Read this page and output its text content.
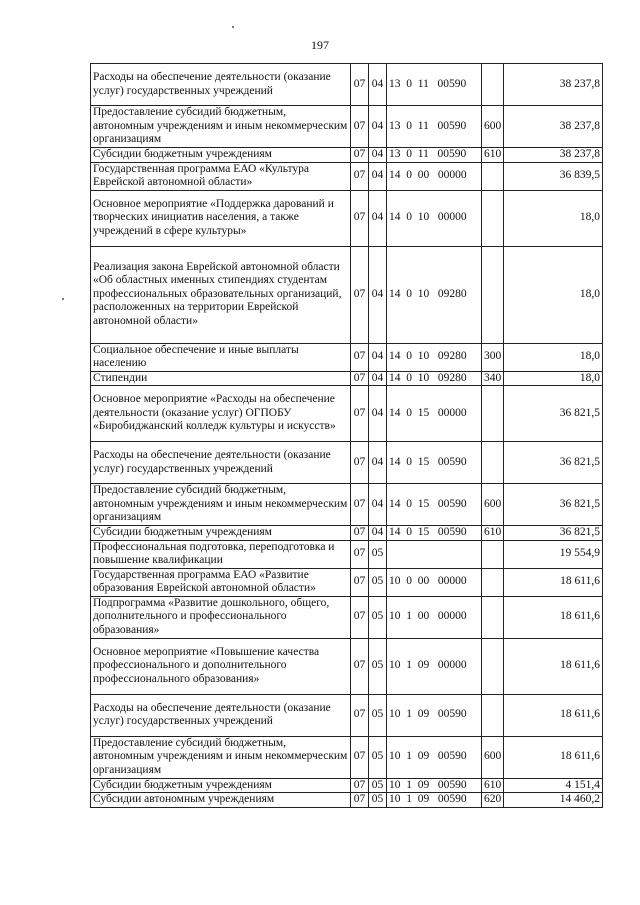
197
Расходы на обеспечение деятельности (оказание услуг) государственных учреждений	07	04	13  0  11   00590		38 237,8
Предоставление субсидий бюджетным, автономным учреждениям и иным некоммерческим организациям	07	04	13  0  11   00590	600	38 237,8
Субсидии бюджетным учреждениям	07	04	13  0  11   00590	610	38 237,8
Государственная программа ЕАО «Культура Еврейской автономной области»	07	04	14  0  00   00000		36 839,5
Основное мероприятие «Поддержка дарований и творческих инициатив населения, а также учреждений в сфере культуры»	07	04	14  0  10   00000		18,0
Реализация закона Еврейской автономной области «Об областных именных стипендиях студентам профессиональных образовательных организаций, расположенных на территории Еврейской автономной области»	07	04	14  0  10   09280		18,0
Социальное обеспечение и иные выплаты населению	07	04	14  0  10   09280	300	18,0
Стипендии	07	04	14  0  10   09280	340	18,0
Основное мероприятие «Расходы на обеспечение деятельности (оказание услуг) ОГПОБУ «Биробиджанский колледж культуры и искусств»	07	04	14  0  15   00000		36 821,5
Расходы на обеспечение деятельности (оказание услуг) государственных учреждений	07	04	14  0  15   00590		36 821,5
Предоставление субсидий бюджетным, автономным учреждениям и иным некоммерческим организациям	07	04	14  0  15   00590	600	36 821,5
Субсидии бюджетным учреждениям	07	04	14  0  15   00590	610	36 821,5
Профессиональная подготовка, переподготовка и повышение квалификации	07	05			19 554,9
Государственная программа ЕАО «Развитие образования Еврейской автономной области»	07	05	10  0  00   00000		18 611,6
Подпрограмма «Развитие дошкольного, общего, дополнительного и профессионального образования»	07	05	10  1  00   00000		18 611,6
Основное мероприятие «Повышение качества профессионального и дополнительного профессионального образования»	07	05	10  1  09   00000		18 611,6
Расходы на обеспечение деятельности (оказание услуг) государственных учреждений	07	05	10  1  09   00590		18 611,6
Предоставление субсидий бюджетным, автономным учреждениям и иным некоммерческим организациям	07	05	10  1  09   00590	600	18 611,6
Субсидии бюджетным учреждениям	07	05	10  1  09   00590	610	4 151,4
Субсидии автономным учреждениям	07	05	10  1  09   00590	620	14 460,2
